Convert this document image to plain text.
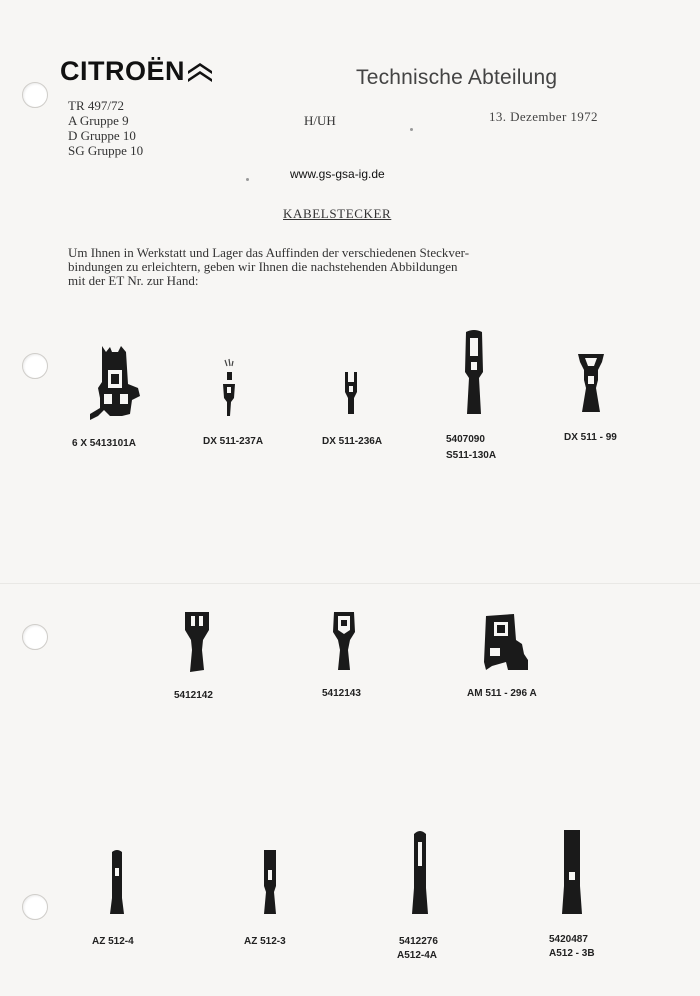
CITROËN	Technische Abteilung
TR 497/72
A Gruppe 9
D Gruppe 10
SG Gruppe 10
H/UH	13. Dezember 1972
www.gs-gsa-ig.de
KABELSTECKER
Um Ihnen in Werkstatt und Lager das Auffinden der verschiedenen Steckver-
bindungen zu erleichtern, geben wir Ihnen die nachstehenden Abbildungen
mit der ET Nr. zur Hand:
6 X 5413101A	DX 511-237A	DX 511-236A	5407090
S511-130A
DX 511 - 99
5412142	5412143	AM 511 - 296 A
AZ 512-4	AZ 512-3	5412276
A512-4A
5420487
A512 - 3B
